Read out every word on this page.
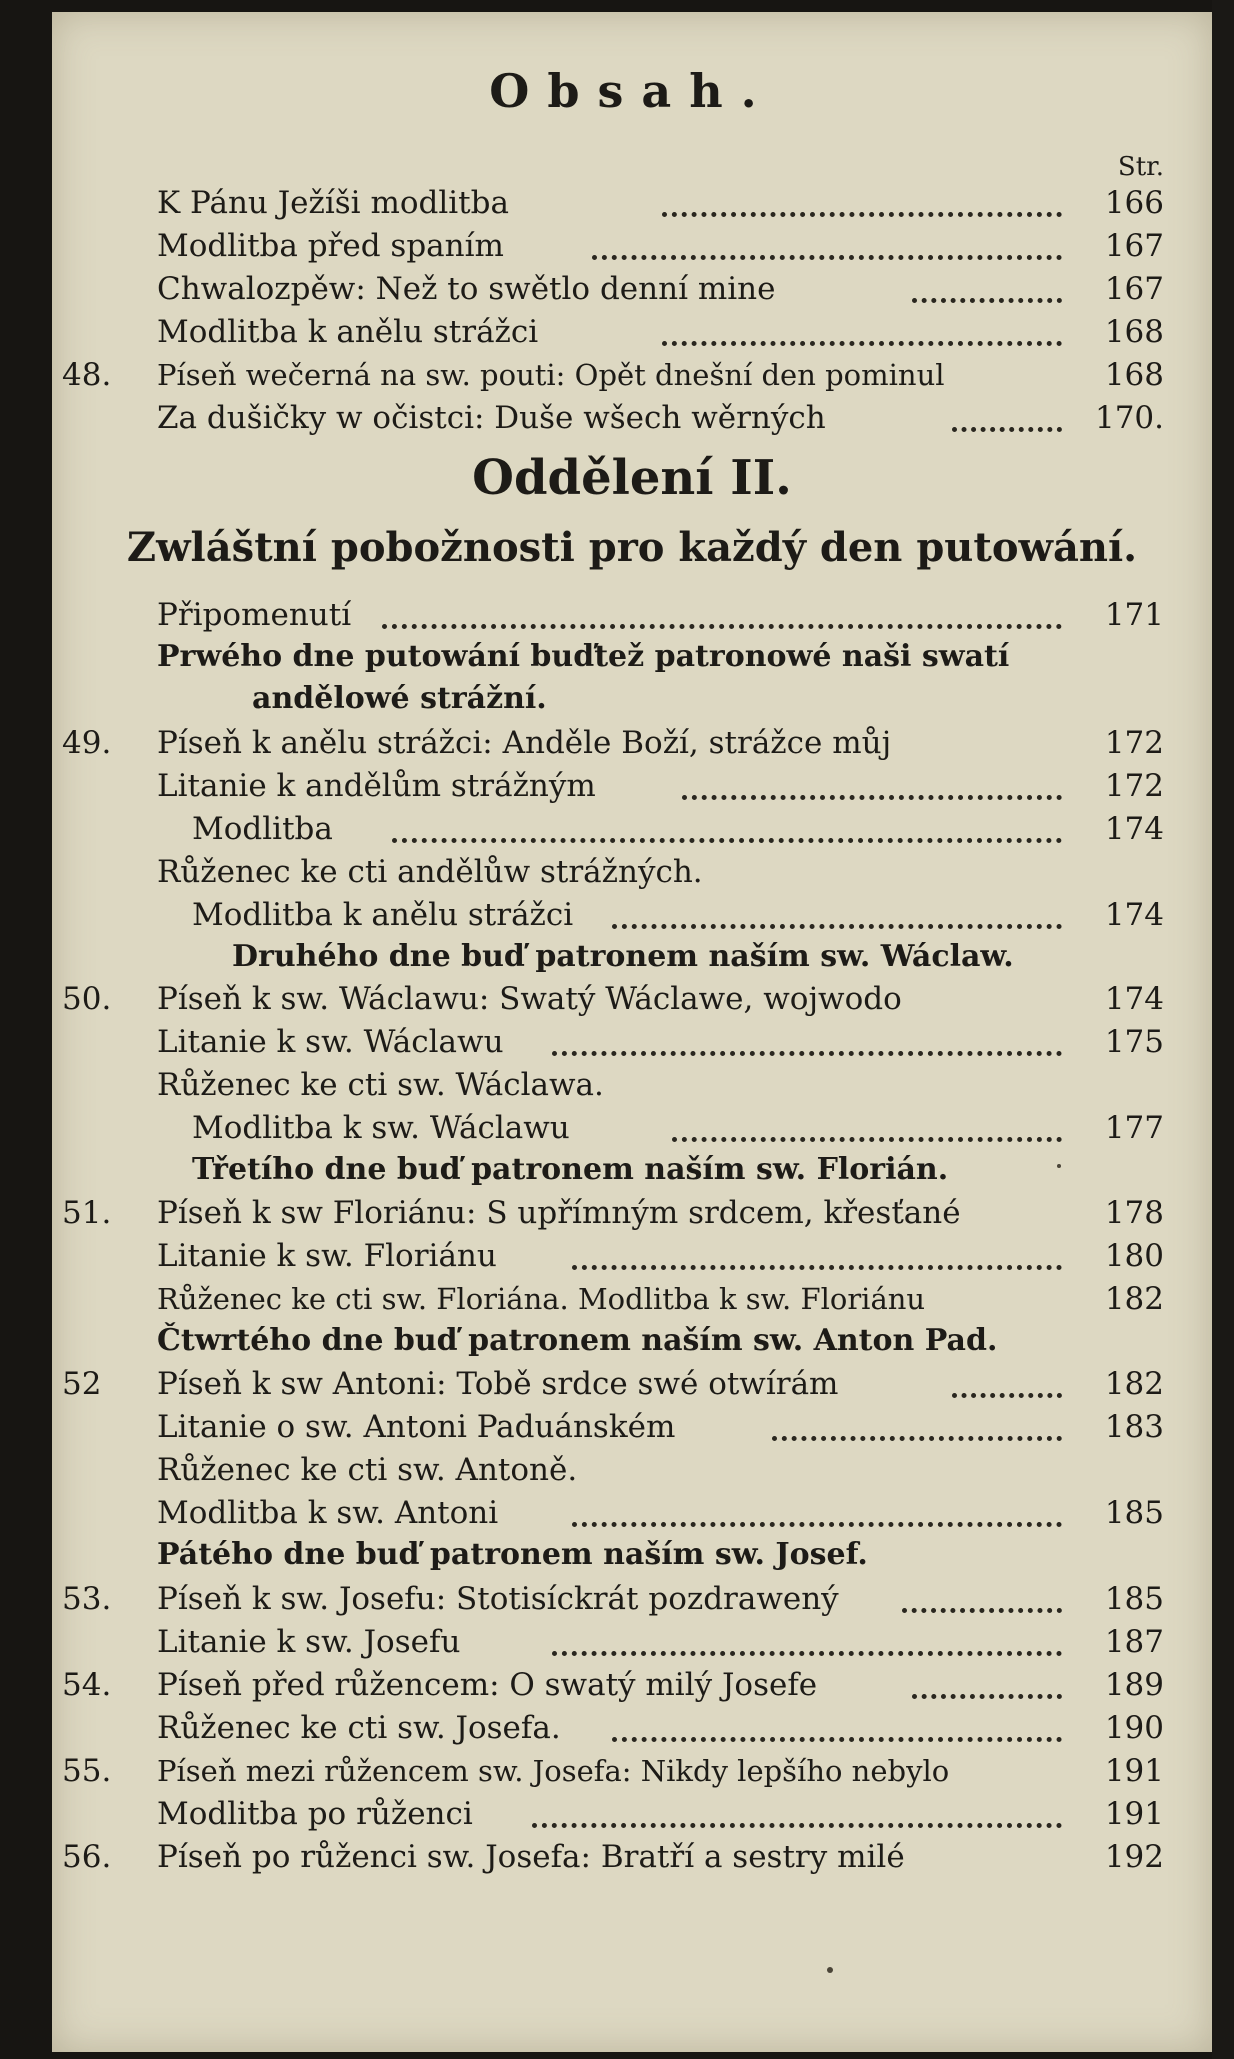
Obsah.
Str.
K Pánu Ježíši modlitba	166
Modlitba před spaním	167
Chwalozpěw: Než to swětlo denní mine	167
Modlitba k anělu strážci	168
48.	Píseň wečerná na sw. pouti: Opět dnešní den pominul	168
Za dušičky w očistci: Duše wšech wěrných	170.
Oddělení II.
Zwláštní pobožnosti pro každý den putowání.
Připomenutí	171
Prwého dne putowání buďtež patronowé naši swatí
andělowé strážní.
49.	Píseň k anělu strážci: Anděle Boží, strážce můj	172
Litanie k andělům strážným	172
Modlitba	174
Růženec ke cti andělůw strážných.
Modlitba k anělu strážci	174
Druhého dne buď patronem naším sw. Wáclaw.
50.	Píseň k sw. Wáclawu: Swatý Wáclawe, wojwodo	174
Litanie k sw. Wáclawu	175
Růženec ke cti sw. Wáclawa.
Modlitba k sw. Wáclawu	177
Třetího dne buď patronem naším sw. Florián.
51.	Píseň k sw Floriánu: S upřímným srdcem, křesťané	178
Litanie k sw. Floriánu	180
Růženec ke cti sw. Floriána. Modlitba k sw. Floriánu	182
Čtwrtého dne buď patronem naším sw. Anton Pad.
52	Píseň k sw Antoni: Tobě srdce swé otwírám	182
Litanie o sw. Antoni Paduánském	183
Růženec ke cti sw. Antoně.
Modlitba k sw. Antoni	185
Pátého dne buď patronem naším sw. Josef.
53.	Píseň k sw. Josefu: Stotisíckrát pozdrawený	185
Litanie k sw. Josefu	187
54.	Píseň před růžencem: O swatý milý Josefe	189
Růženec ke cti sw. Josefa.	190
55.	Píseň mezi růžencem sw. Josefa: Nikdy lepšího nebylo	191
Modlitba po růženci	191
56.	Píseň po růženci sw. Josefa: Bratří a sestry milé	192
